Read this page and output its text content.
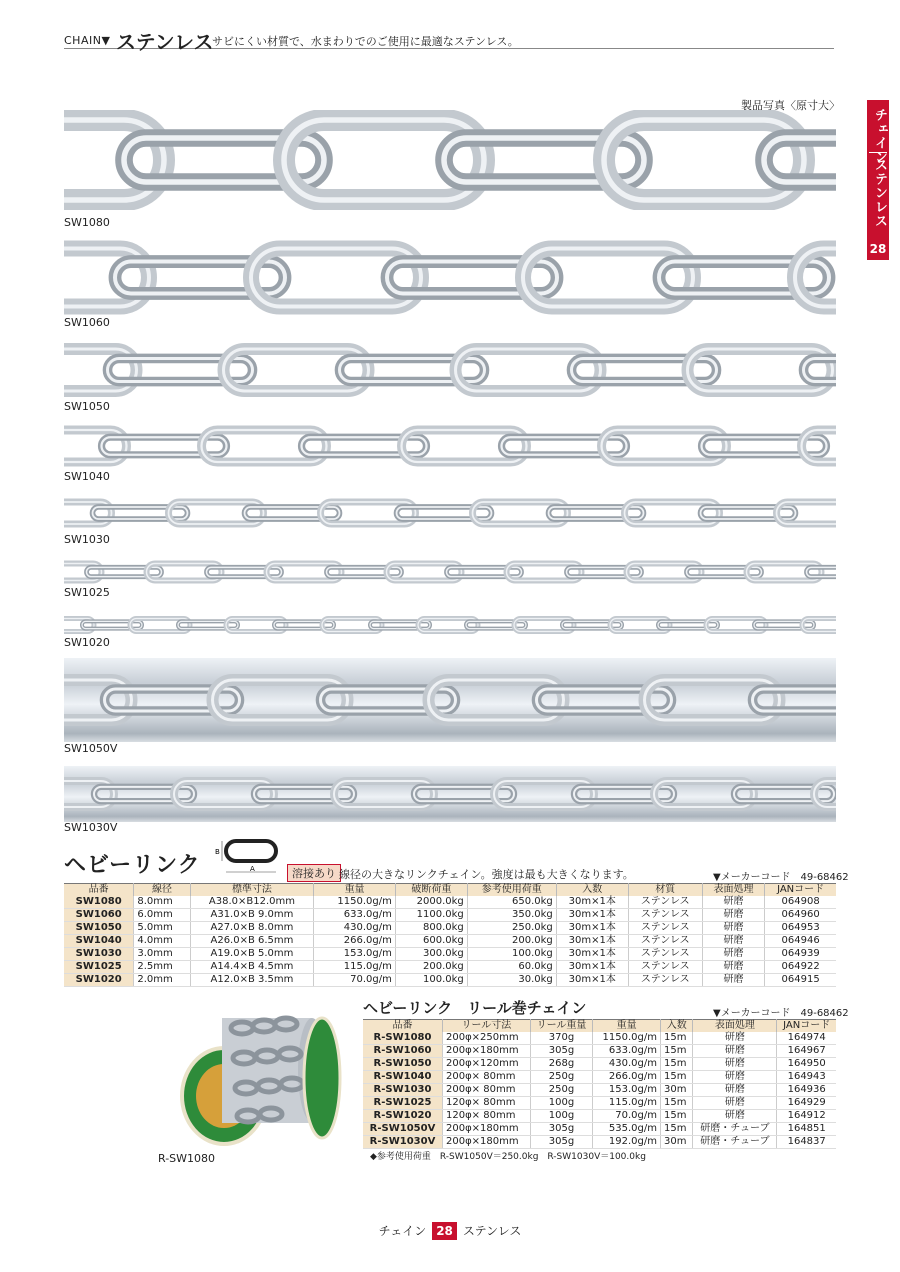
CHAIN▼ ステンレス
サビにくい材質で、水まわりでのご使用に最適なステンレス。
チェイン
ステンレス
28
製品写真〈原寸大〉
SW1080
SW1060
SW1050
SW1040
SW1030
SW1025
SW1020
SW1050V
SW1030V
ヘビーリンク
B
A	溶接あり 線径の大きなリンクチェイン。強度は最も大きくなります。	▼メーカーコード　49-68462
品番	線径	標準寸法	重量	破断荷重	参考使用荷重	入数	材質	表面処理	JANコード
SW1080	8.0mm	A38.0×B12.0mm	1150.0g/m	2000.0kg	650.0kg	30m×1本	ステンレス	研磨	064908
SW1060	6.0mm	A31.0×B 9.0mm	633.0g/m	1100.0kg	350.0kg	30m×1本	ステンレス	研磨	064960
SW1050	5.0mm	A27.0×B 8.0mm	430.0g/m	800.0kg	250.0kg	30m×1本	ステンレス	研磨	064953
SW1040	4.0mm	A26.0×B 6.5mm	266.0g/m	600.0kg	200.0kg	30m×1本	ステンレス	研磨	064946
SW1030	3.0mm	A19.0×B 5.0mm	153.0g/m	300.0kg	100.0kg	30m×1本	ステンレス	研磨	064939
SW1025	2.5mm	A14.4×B 4.5mm	115.0g/m	200.0kg	60.0kg	30m×1本	ステンレス	研磨	064922
SW1020	2.0mm	A12.0×B 3.5mm	70.0g/m	100.0kg	30.0kg	30m×1本	ステンレス	研磨	064915
R-SW1080
ヘビーリンク　リール巻チェイン	▼メーカーコード　49-68462
品番	リール寸法	リール重量	重量	入数	表面処理	JANコード
R-SW1080	200φ×250mm	370g	1150.0g/m	15m	研磨	164974
R-SW1060	200φ×180mm	305g	633.0g/m	15m	研磨	164967
R-SW1050	200φ×120mm	268g	430.0g/m	15m	研磨	164950
R-SW1040	200φ× 80mm	250g	266.0g/m	15m	研磨	164943
R-SW1030	200φ× 80mm	250g	153.0g/m	30m	研磨	164936
R-SW1025	120φ× 80mm	100g	115.0g/m	15m	研磨	164929
R-SW1020	120φ× 80mm	100g	70.0g/m	15m	研磨	164912
R-SW1050V	200φ×180mm	305g	535.0g/m	15m	研磨・チューブ	164851
R-SW1030V	200φ×180mm	305g	192.0g/m	30m	研磨・チューブ	164837
◆参考使用荷重　R-SW1050V＝250.0kg　R-SW1030V＝100.0kg
チェイン 28 ステンレス
